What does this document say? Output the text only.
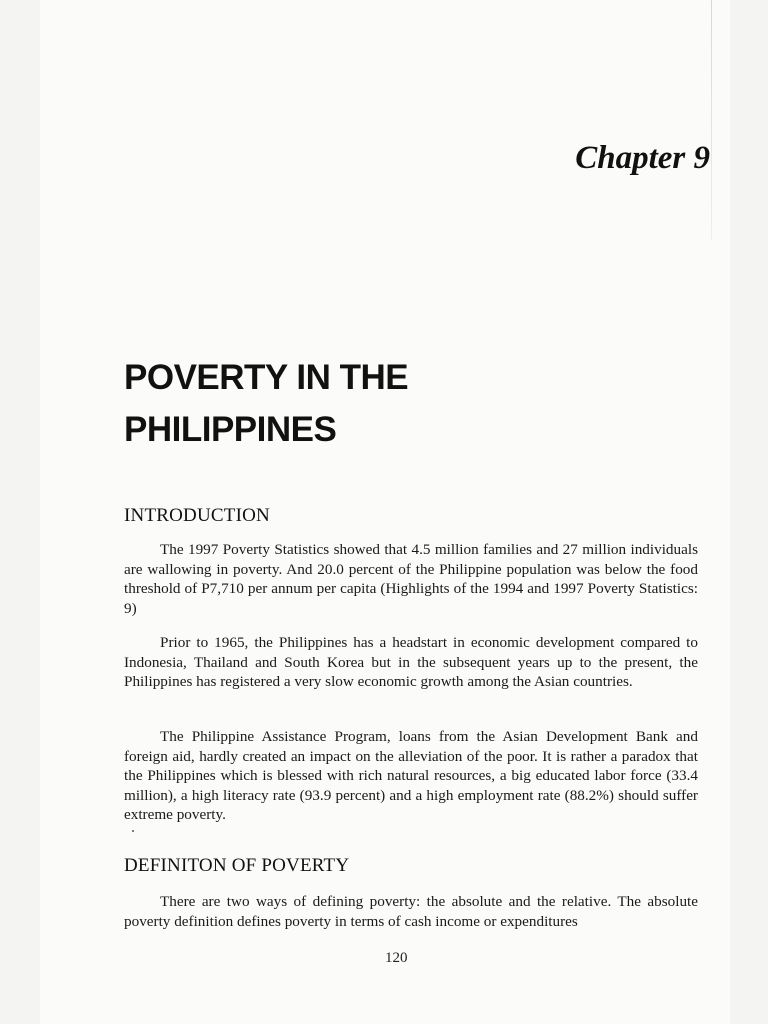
Chapter 9
POVERTY IN THE
PHILIPPINES
INTRODUCTION

The 1997 Poverty Statistics showed that 4.5 million families and 27 million individuals are wallowing in poverty. And 20.0 percent of the Philippine population was below the food threshold of P7,710 per annum per capita (Highlights of the 1994 and 1997 Poverty Statistics: 9)

Prior to 1965, the Philippines has a headstart in economic development compared to Indonesia, Thailand and South Korea but in the subsequent years up to the present, the Philippines has registered a very slow economic growth among the Asian countries.

The Philippine Assistance Program, loans from the Asian Development Bank and foreign aid, hardly created an impact on the alleviation of the poor. It is rather a paradox that the Philippines which is blessed with rich natural resources, a big educated labor force (33.4 million), a high literacy rate (93.9 percent) and a high employment rate (88.2%) should suffer extreme poverty.

DEFINITON OF POVERTY

There are two ways of defining poverty: the absolute and the relative. The absolute poverty definition defines poverty in terms of cash income or expenditures

120
